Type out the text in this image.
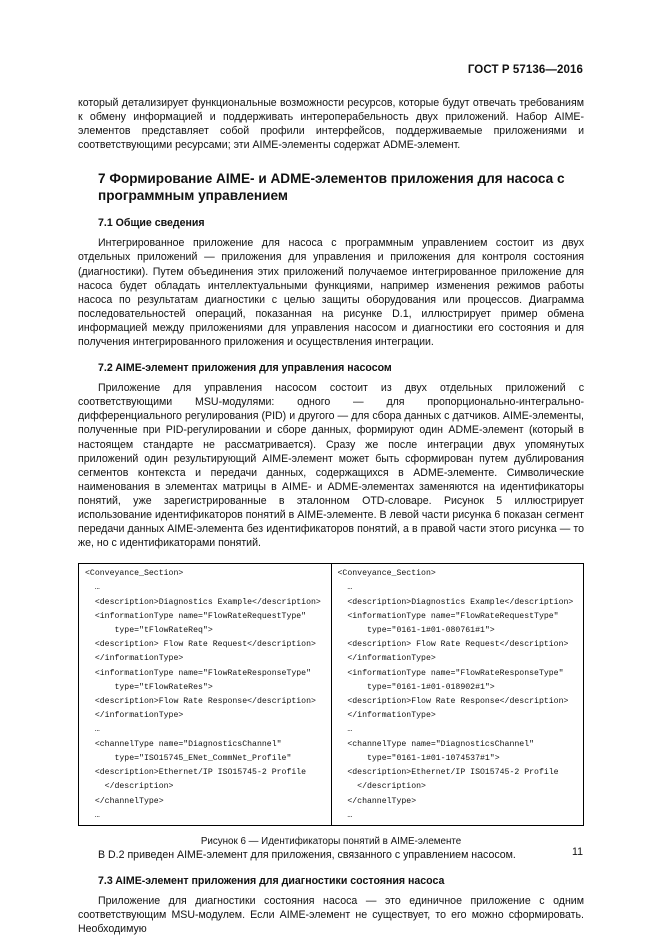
ГОСТ Р 57136—2016

который детализирует функциональные возможности ресурсов, которые будут отвечать требованиям к обмену информацией и поддерживать интероперабельность двух приложений. Набор AIME-элементов представляет собой профили интерфейсов, поддерживаемые приложениями и соответствующими ресурсами; эти AIME-элементы содержат ADME-элемент.

7 Формирование AIME- и ADME-элементов приложения для насоса с программным управлением
7.1 Общие сведения

Интегрированное приложение для насоса с программным управлением состоит из двух отдельных приложений — приложения для управления и приложения для контроля состояния (диагностики). Путем объединения этих приложений получаемое интегрированное приложение для насоса будет обладать интеллектуальными функциями, например изменения режимов работы насоса по результатам диагностики с целью защиты оборудования или процессов. Диаграмма последовательностей операций, показанная на рисунке D.1, иллюстрирует пример обмена информацией между приложениями для управления насосом и диагностики его состояния и для получения интегрированного приложения и осуществления интеграции.

7.2 AIME-элемент приложения для управления насосом

Приложение для управления насосом состоит из двух отдельных приложений с соответствующими MSU-модулями: одного — для пропорционально-интегрально-дифференциального регулирования (PID) и другого — для сбора данных с датчиков. AIME-элементы, полученные при PID-регулировании и сборе данных, формируют один ADME-элемент (который в настоящем стандарте не рассматривается). Сразу же после интеграции двух упомянутых приложений один результирующий AIME-элемент может быть сформирован путем дублирования сегментов контекста и передачи данных, содержащихся в ADME-элементе. Символические наименования в элементах матрицы в AIME- и ADME-элементах заменяются на идентификаторы понятий, уже зарегистрированные в эталонном OTD-словаре. Рисунок 5 иллюстрирует использование идентификаторов понятий в AIME-элементе. В левой части рисунка 6 показан сегмент передачи данных AIME-элемента без идентификаторов понятий, а в правой части этого рисунка — то же, но с идентификаторами понятий.

<Conveyance_Section>
…
<description>Diagnostics Example</description>
<informationType name="FlowRateRequestType"
type="tFlowRateReq">
<description> Flow Rate Request</description>
</informationType>
<informationType name="FlowRateResponseType"
type="tFlowRateRes">
<description>Flow Rate Response</description>
</informationType>
…
<channelType name="DiagnosticsChannel"
type="ISO15745_ENet_CommNet_Profile"
<description>Ethernet/IP ISO15745-2 Profile
</description>
</channelType>
…

<Conveyance_Section>
…
<description>Diagnostics Example</description>
<informationType name="FlowRateRequestType"
type="0161-1#01-080761#1">
<description> Flow Rate Request</description>
</informationType>
<informationType name="FlowRateResponseType"
type="0161-1#01-018902#1">
<description>Flow Rate Response</description>
</informationType>
…
<channelType name="DiagnosticsChannel"
type="0161-1#01-1074537#1">
<description>Ethernet/IP ISO15745-2 Profile
</description>
</channelType>
…
Рисунок 6 — Идентификаторы понятий в AIME-элементе

В D.2 приведен AIME-элемент для приложения, связанного с управлением насосом.

7.3 AIME-элемент приложения для диагностики состояния насоса

Приложение для диагностики состояния насоса — это единичное приложение с одним соответствующим MSU-модулем. Если AIME-элемент не существует, то его можно сформировать. Необходимую

11
